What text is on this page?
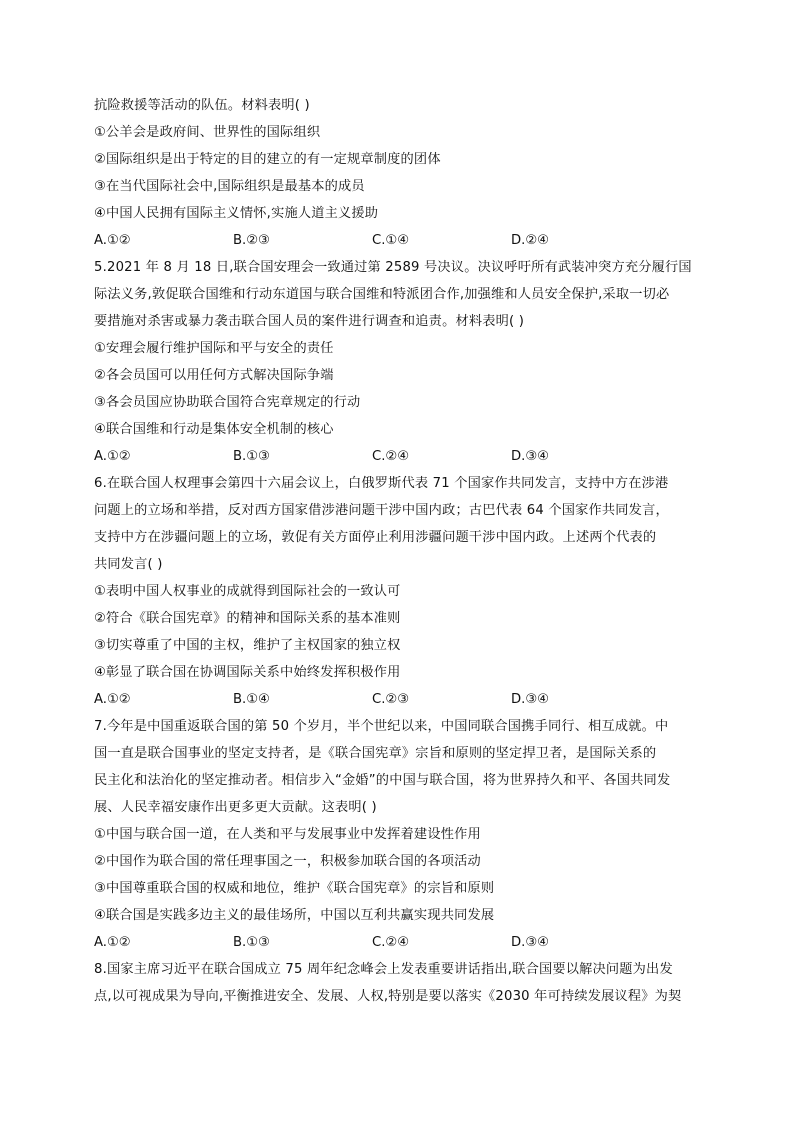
抗险救援等活动的队伍。材料表明( )
①公羊会是政府间、世界性的国际组织
②国际组织是出于特定的目的建立的有一定规章制度的团体
③在当代国际社会中,国际组织是最基本的成员
④中国人民拥有国际主义情怀,实施人道主义援助
A.①②	B.②③	C.①④	D.②④
5.2021 年 8 月 18 日,联合国安理会一致通过第 2589 号决议。决议呼吁所有武装冲突方充分履行国
际法义务,敦促联合国维和行动东道国与联合国维和特派团合作,加强维和人员安全保护,采取一切必
要措施对杀害或暴力袭击联合国人员的案件进行调查和追责。材料表明( )
①安理会履行维护国际和平与安全的责任
②各会员国可以用任何方式解决国际争端
③各会员国应协助联合国符合宪章规定的行动
④联合国维和行动是集体安全机制的核心
A.①②	B.①③	C.②④	D.③④
6.在联合国人权理事会第四十六届会议上，白俄罗斯代表 71 个国家作共同发言，支持中方在涉港
问题上的立场和举措，反对西方国家借涉港问题干涉中国内政；古巴代表 64 个国家作共同发言，
支持中方在涉疆问题上的立场，敦促有关方面停止利用涉疆问题干涉中国内政。上述两个代表的
共同发言( )
①表明中国人权事业的成就得到国际社会的一致认可
②符合《联合国宪章》的精神和国际关系的基本准则
③切实尊重了中国的主权，维护了主权国家的独立权
④彰显了联合国在协调国际关系中始终发挥积极作用
A.①②	B.①④	C.②③	D.③④
7.今年是中国重返联合国的第 50 个岁月，半个世纪以来，中国同联合国携手同行、相互成就。中
国一直是联合国事业的坚定支持者，是《联合国宪章》宗旨和原则的坚定捍卫者，是国际关系的
民主化和法治化的坚定推动者。相信步入“金婚”的中国与联合国，将为世界持久和平、各国共同发
展、人民幸福安康作出更多更大贡献。这表明( )
①中国与联合国一道，在人类和平与发展事业中发挥着建设性作用
②中国作为联合国的常任理事国之一，积极参加联合国的各项活动
③中国尊重联合国的权威和地位，维护《联合国宪章》的宗旨和原则
④联合国是实践多边主义的最佳场所，中国以互利共赢实现共同发展
A.①②	B.①③	C.②④	D.③④
8.国家主席习近平在联合国成立 75 周年纪念峰会上发表重要讲话指出,联合国要以解决问题为出发
点,以可视成果为导向,平衡推进安全、发展、人权,特别是要以落实《2030 年可持续发展议程》为契
